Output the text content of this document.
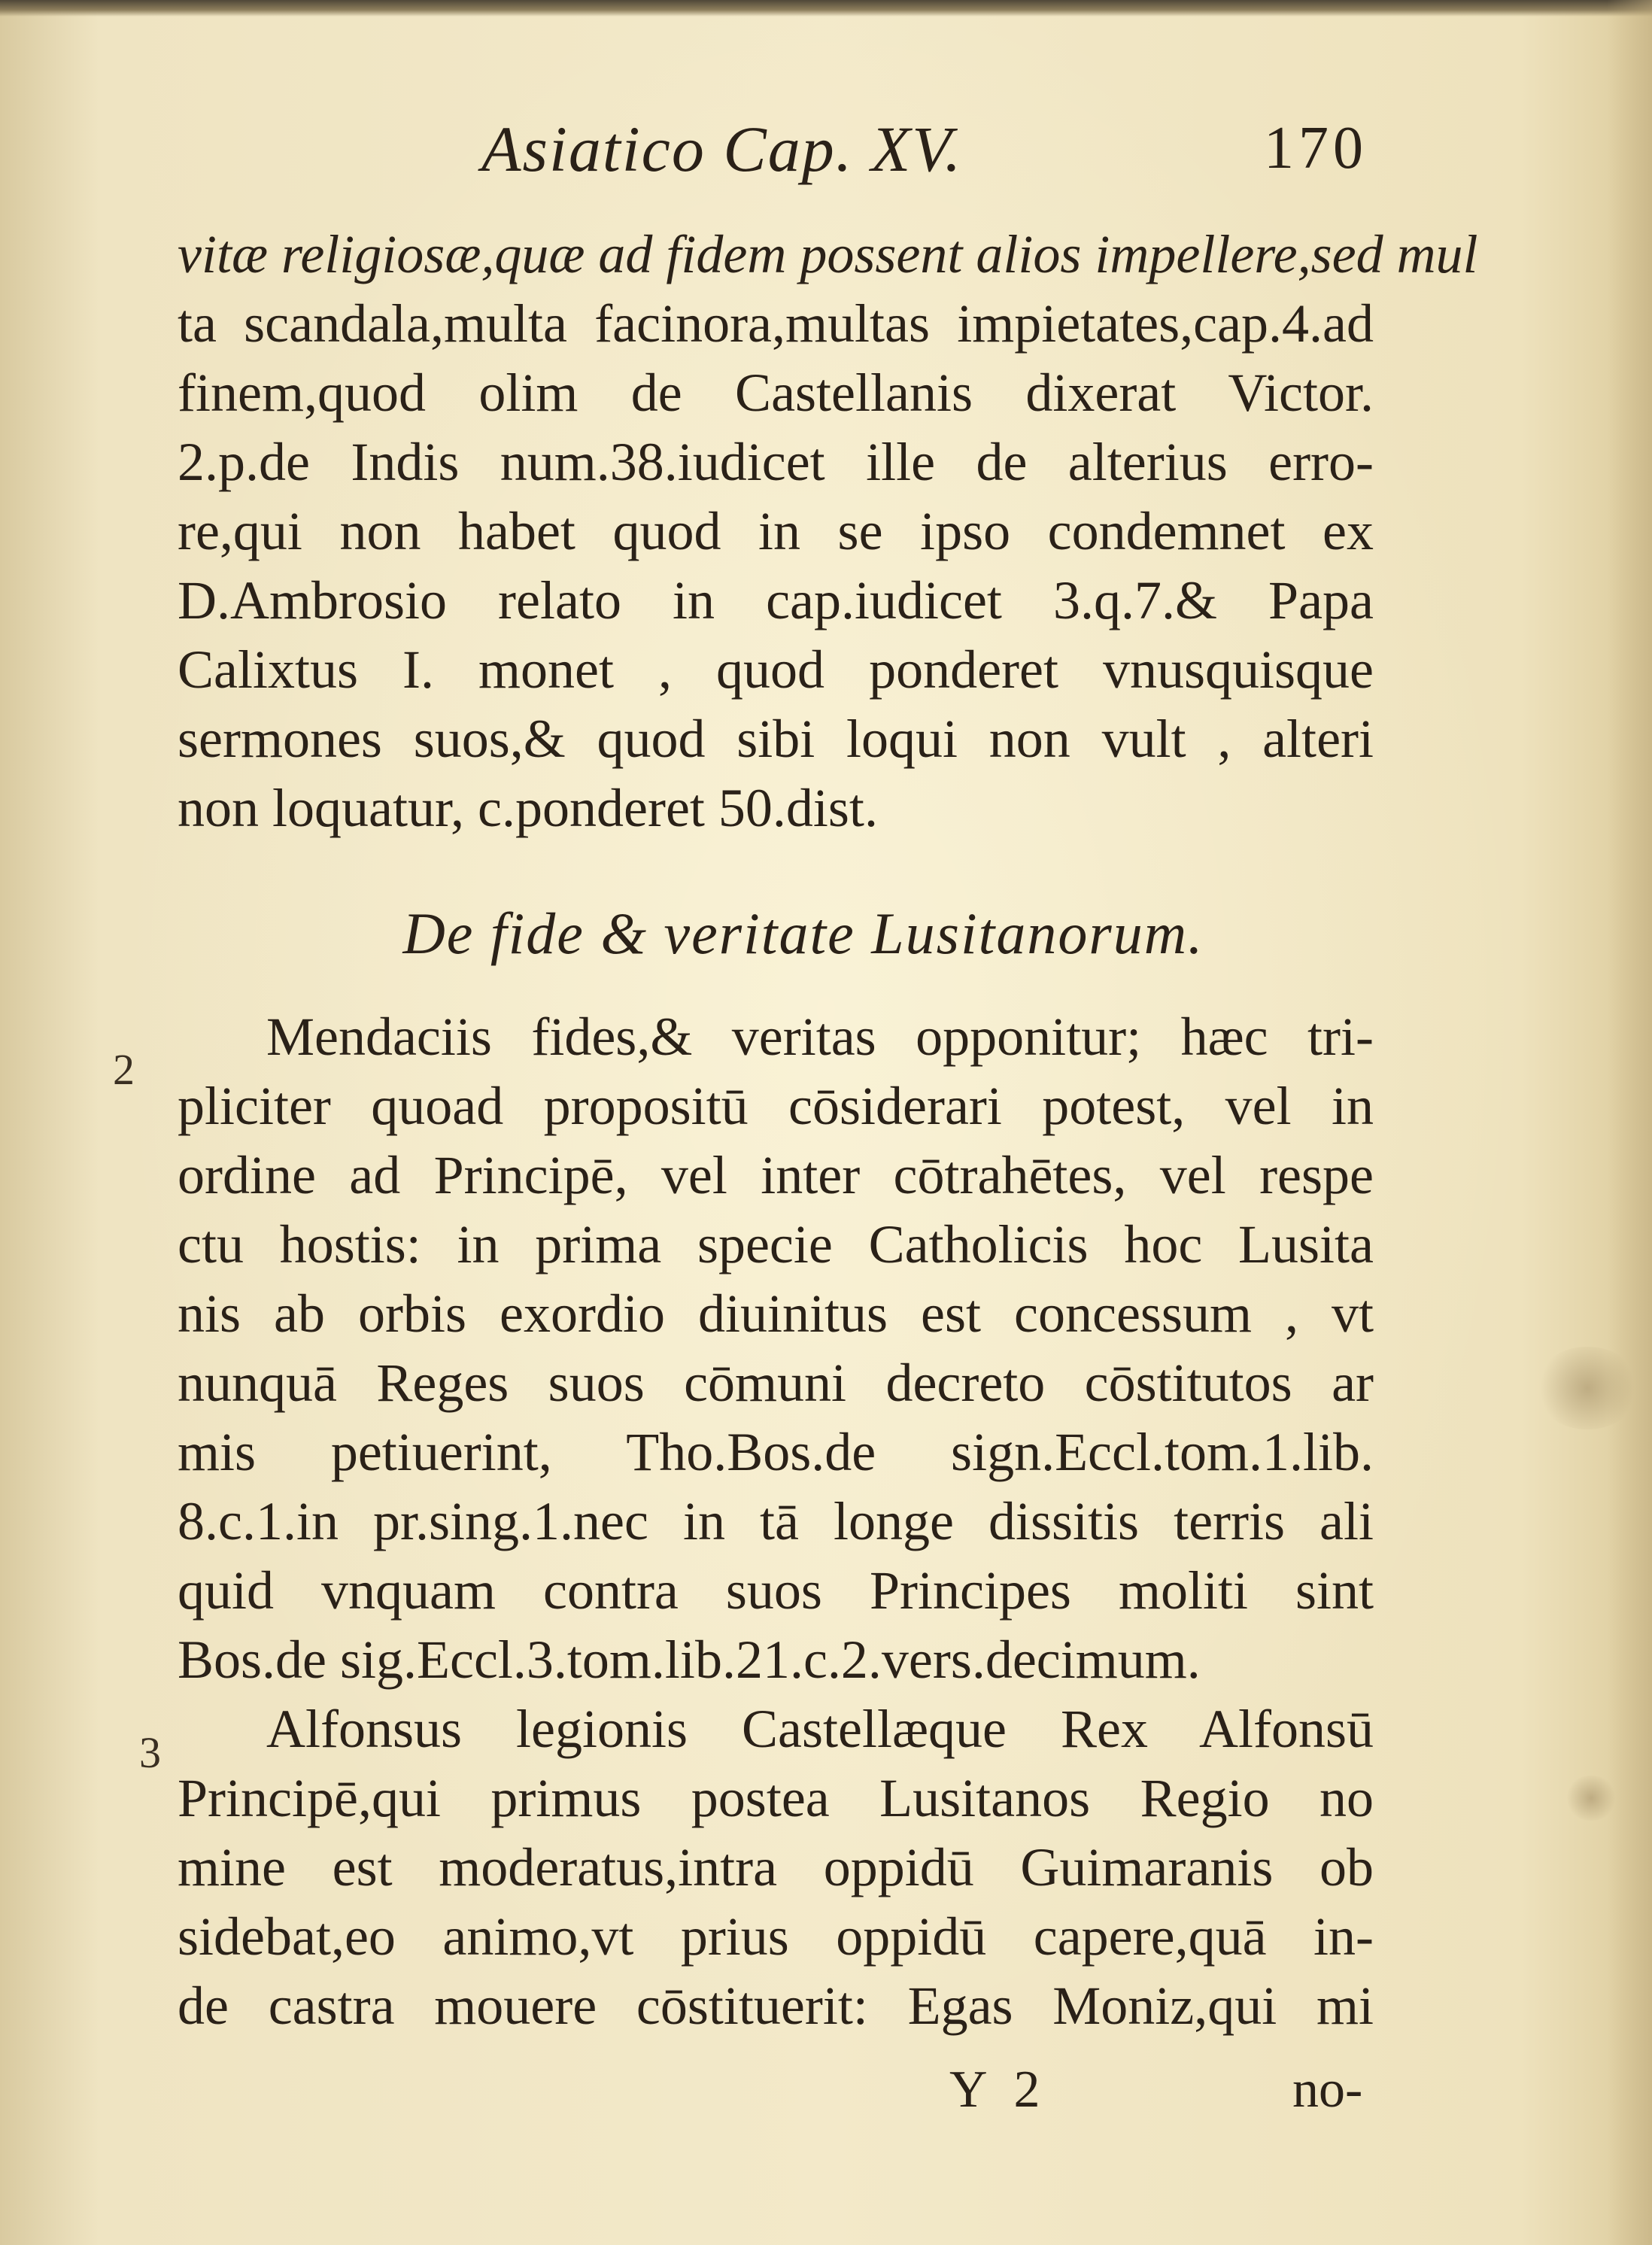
Asiatico Cap. XV.	170
vitæ religiosæ,quæ ad fidem possent alios impellere,sed mul
ta scandala,multa facinora,multas impietates,cap.4.ad
finem,quod olim de Castellanis dixerat Victor.
2.p.de Indis num.38.iudicet ille de alterius erro-
re,qui non habet quod in se ipso condemnet ex
D.Ambrosio relato in cap.iudicet 3.q.7.& Papa
Calixtus I. monet , quod ponderet vnusquisque
sermones suos,& quod sibi loqui non vult , alteri
non loquatur, c.ponderet 50.dist.
De fide & veritate Lusitanorum.
2
3
Mendaciis fides,& veritas opponitur; hæc tri-
pliciter quoad propositū cōsiderari potest, vel in
ordine ad Principē, vel inter cōtrahētes, vel respe
ctu hostis: in prima specie Catholicis hoc Lusita
nis ab orbis exordio diuinitus est concessum , vt
nunquā Reges suos cōmuni decreto cōstitutos ar
mis petiuerint, Tho.Bos.de sign.Eccl.tom.1.lib.
8.c.1.in pr.sing.1.nec in tā longe dissitis terris ali
quid vnquam contra suos Principes moliti sint
Bos.de sig.Eccl.3.tom.lib.21.c.2.vers.decimum.
Alfonsus legionis Castellæque Rex Alfonsū
Principē,qui primus postea Lusitanos Regio no
mine est moderatus,intra oppidū Guimaranis ob
sidebat,eo animo,vt prius oppidū capere,quā in-
de castra mouere cōstituerit: Egas Moniz,qui mi
Y 2	no-
